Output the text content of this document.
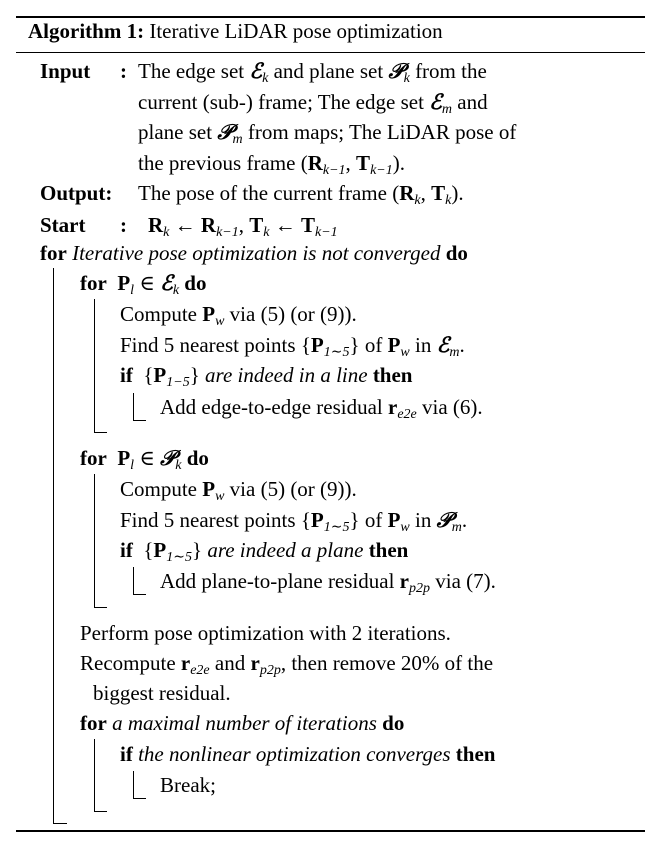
Algorithm 1: Iterative LiDAR pose optimization
Input : The edge set ℰ$_k$ and plane set 𝒫$_k$ from the
current (sub-) frame; The edge set ℰ$_m$ and
plane set 𝒫$_m$ from maps; The LiDAR pose of
the previous frame ($R_{k-1}$, $T_{k-1}$).
Output: The pose of the current frame ($R_k$, $T_k$).
Start : $R_k$ ← $R_{k-1}$, $T_k$ ← $T_{k-1}$
for Iterative pose optimization is not converged do
for $P_l$ ∈ ℰ$_k$ do
Compute $P_w$ via (5) (or (9)).
Find 5 nearest points $\{P_{1\sim 5}\}$ of $P_w$ in ℰ$_m$.
if  $\{P_{1-5}\}$ are indeed in a line then
Add edge-to-edge residual $r_{e2e}$ via (6).
for $P_l$ ∈ 𝒫$_k$ do
Compute $P_w$ via (5) (or (9)).
Find 5 nearest points $\{P_{1\sim 5}\}$ of $P_w$ in 𝒫$_m$.
if  $\{P_{1\sim 5}\}$ are indeed a plane then
Add plane-to-plane residual $r_{p2p}$ via (7).
Perform pose optimization with 2 iterations.
Recompute $r_{e2e}$ and $r_{p2p}$, then remove 20% of the
biggest residual.
for a maximal number of iterations do
if the nonlinear optimization converges then
Break;
